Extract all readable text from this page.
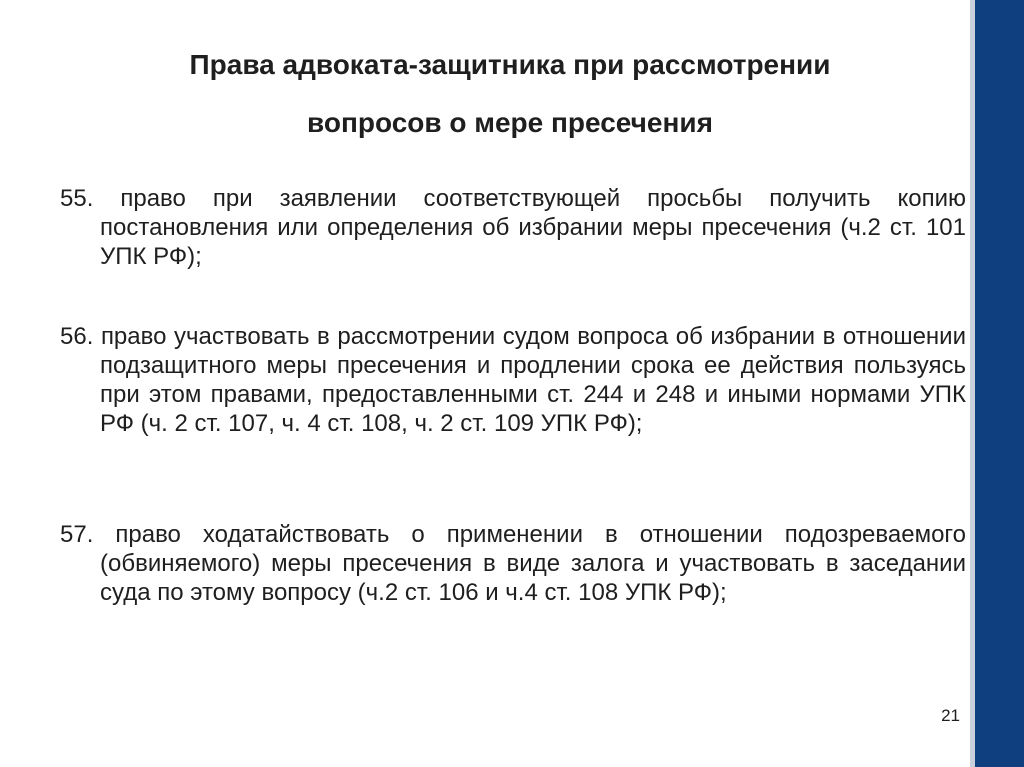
Права адвоката-защитника при рассмотрении
вопросов о мере пресечения

55. право при заявлении соответствующей просьбы получить копию постановления или определения об избрании меры пресечения (ч.2 ст. 101 УПК РФ);

56. право участвовать в рассмотрении судом вопроса об избрании в отношении подзащитного меры пресечения и продлении срока ее действия пользуясь при этом правами, предоставленными ст. 244 и 248 и иными нормами УПК РФ (ч. 2 ст. 107, ч. 4 ст. 108, ч. 2 ст. 109 УПК РФ);

57. право ходатайствовать о применении в отношении подозреваемого (обвиняемого) меры пресечения в виде залога и участвовать в заседании суда по этому вопросу (ч.2 ст. 106 и ч.4 ст. 108 УПК РФ);

21
